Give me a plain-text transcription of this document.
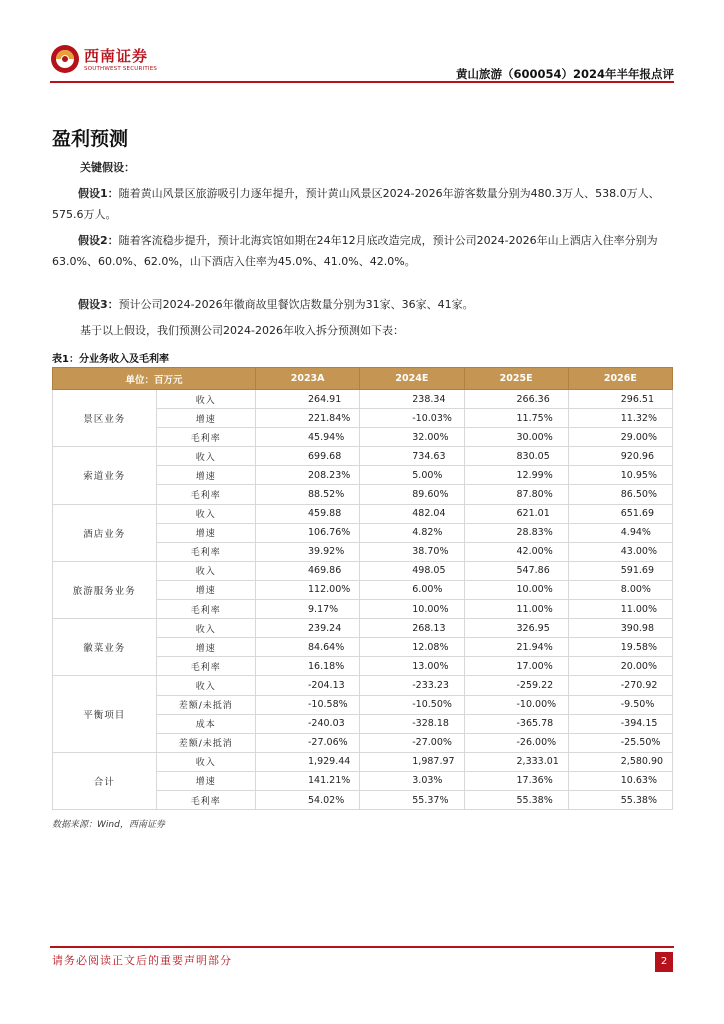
西南证券
SOUTHWEST SECURITIES	黄山旅游（600054）2024年半年报点评
盈利预测
关键假设：
假设1：随着黄山风景区旅游吸引力逐年提升，预计黄山风景区2024-2026年游客数量分别为480.3万人、538.0万人、575.6万人。
假设2：随着客流稳步提升，预计北海宾馆如期在24年12月底改造完成，预计公司2024-2026年山上酒店入住率分别为63.0%、60.0%、62.0%，山下酒店入住率为45.0%、41.0%、42.0%。
假设3：预计公司2024-2026年徽商故里餐饮店数量分别为31家、36家、41家。
基于以上假设，我们预测公司2024-2026年收入拆分预测如下表：
表1：分业务收入及毛利率
单位：百万元		2023A	2024E	2025E	2026E
景区业务	收入	264.91	238.34	266.36	296.51
	增速	221.84%	-10.03%	11.75%	11.32%
	毛利率	45.94%	32.00%	30.00%	29.00%
索道业务	收入	699.68	734.63	830.05	920.96
	增速	208.23%	5.00%	12.99%	10.95%
	毛利率	88.52%	89.60%	87.80%	86.50%
酒店业务	收入	459.88	482.04	621.01	651.69
	增速	106.76%	4.82%	28.83%	4.94%
	毛利率	39.92%	38.70%	42.00%	43.00%
旅游服务业务	收入	469.86	498.05	547.86	591.69
	增速	112.00%	6.00%	10.00%	8.00%
	毛利率	9.17%	10.00%	11.00%	11.00%
徽菜业务	收入	239.24	268.13	326.95	390.98
	增速	84.64%	12.08%	21.94%	19.58%
	毛利率	16.18%	13.00%	17.00%	20.00%
平衡项目	收入	-204.13	-233.23	-259.22	-270.92
	差额/未抵消	-10.58%	-10.50%	-10.00%	-9.50%
	成本	-240.03	-328.18	-365.78	-394.15
	差额/未抵消	-27.06%	-27.00%	-26.00%	-25.50%
合计	收入	1,929.44	1,987.97	2,333.01	2,580.90
	增速	141.21%	3.03%	17.36%	10.63%
	毛利率	54.02%	55.37%	55.38%	55.38%
数据来源：Wind，西南证券
请务必阅读正文后的重要声明部分	2
